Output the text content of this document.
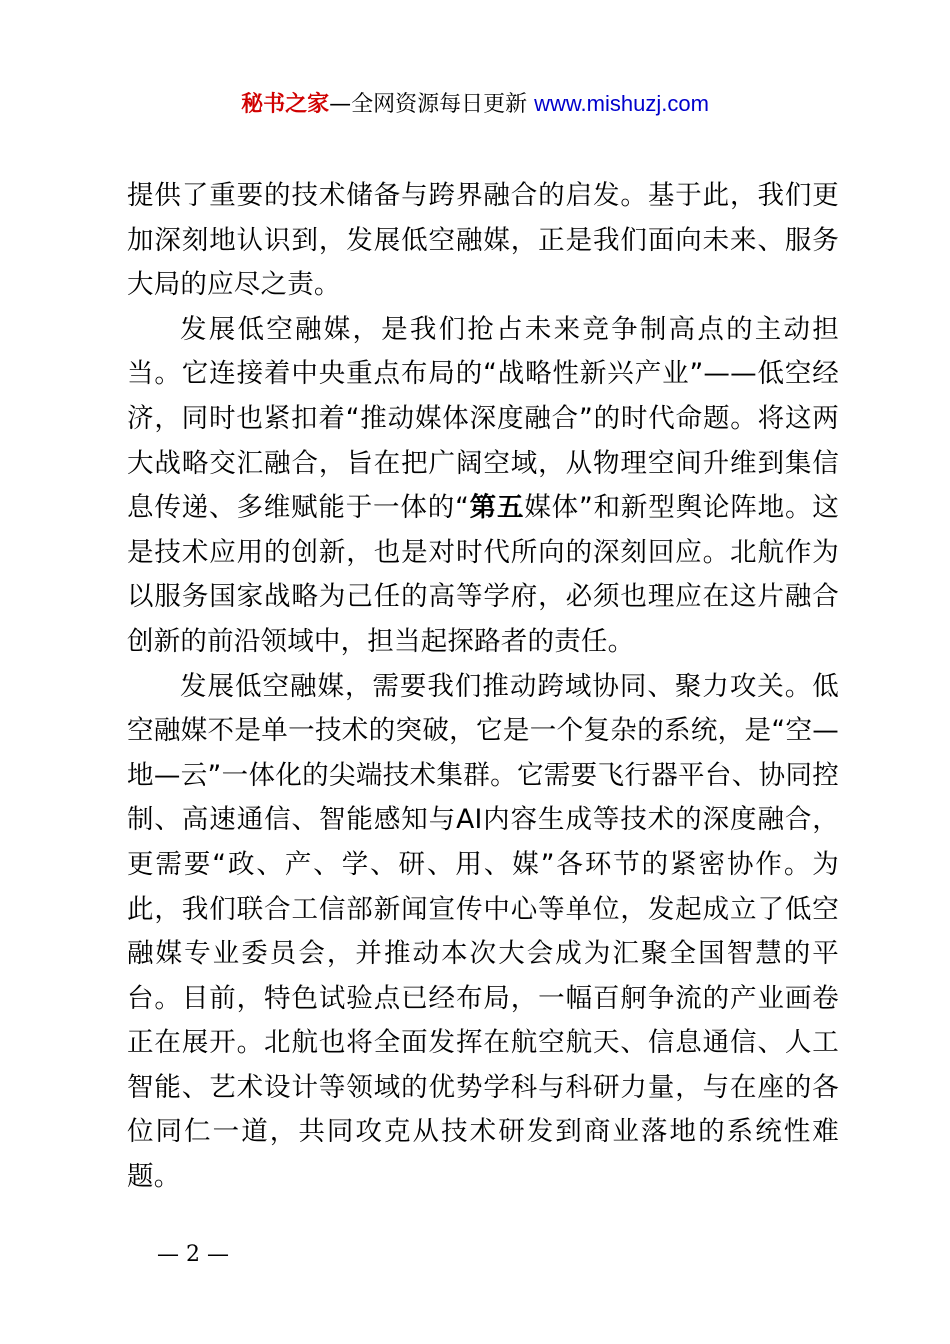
秘书之家—全网资源每日更新 www.mishuzj.com

提供了重要的技术储备与跨界融合的启发。基于此，我们更加深刻地认识到，发展低空融媒，正是我们面向未来、服务大局的应尽之责。

发展低空融媒，是我们抢占未来竞争制高点的主动担当。它连接着中央重点布局的“战略性新兴产业”——低空经济，同时也紧扣着“推动媒体深度融合”的时代命题。将这两大战略交汇融合，旨在把广阔空域，从物理空间升维到集信息传递、多维赋能于一体的“第五媒体”和新型舆论阵地。这是技术应用的创新，也是对时代所向的深刻回应。北航作为以服务国家战略为己任的高等学府，必须也理应在这片融合创新的前沿领域中，担当起探路者的责任。

发展低空融媒，需要我们推动跨域协同、聚力攻关。低空融媒不是单一技术的突破，它是一个复杂的系统，是“空—地—云”一体化的尖端技术集群。它需要飞行器平台、协同控制、高速通信、智能感知与AI内容生成等技术的深度融合，更需要“政、产、学、研、用、媒”各环节的紧密协作。为此，我们联合工信部新闻宣传中心等单位，发起成立了低空融媒专业委员会，并推动本次大会成为汇聚全国智慧的平台。目前，特色试验点已经布局，一幅百舸争流的产业画卷正在展开。北航也将全面发挥在航空航天、信息通信、人工智能、艺术设计等领域的优势学科与科研力量，与在座的各位同仁一道，共同攻克从技术研发到商业落地的系统性难题。

— 2 —
